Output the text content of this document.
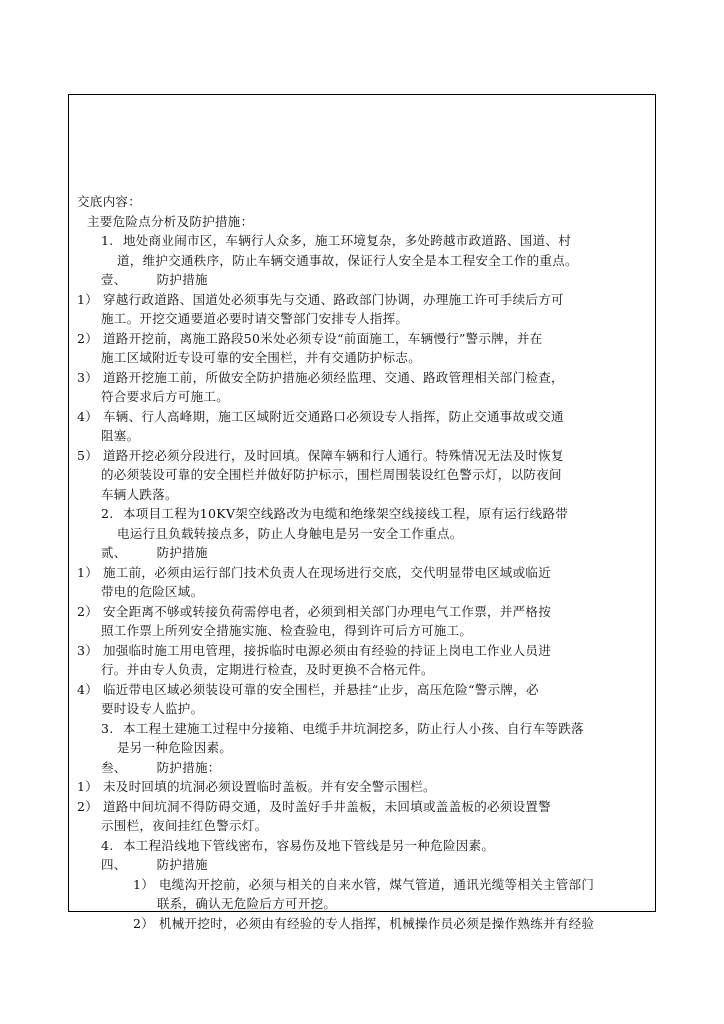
交底内容：
主要危险点分析及防护措施：
1. 地处商业闹市区，车辆行人众多，施工环境复杂，多处跨越市政道路、国道、村
道，维护交通秩序，防止车辆交通事故，保证行人安全是本工程安全工作的重点。
壹、 防护措施
1） 穿越行政道路、国道处必须事先与交通、路政部门协调，办理施工许可手续后方可
施工。开挖交通要道必要时请交警部门安排专人指挥。
2） 道路开挖前，离施工路段50米处必须专设“前面施工，车辆慢行”警示牌，并在
施工区域附近专设可靠的安全围栏，并有交通防护标志。
3） 道路开挖施工前，所做安全防护措施必须经监理、交通、路政管理相关部门检查，
符合要求后方可施工。
4） 车辆、行人高峰期，施工区域附近交通路口必须设专人指挥，防止交通事故或交通
阻塞。
5） 道路开挖必须分段进行，及时回填。保障车辆和行人通行。特殊情况无法及时恢复
的必须装设可靠的安全围栏并做好防护标示，围栏周围装设红色警示灯，以防夜间
车辆人跌落。
2. 本项目工程为10KV架空线路改为电缆和绝缘架空线接线工程，原有运行线路带
电运行且负载转接点多，防止人身触电是另一安全工作重点。
贰、 防护措施
1） 施工前，必须由运行部门技术负责人在现场进行交底，交代明显带电区域或临近
带电的危险区域。
2） 安全距离不够或转接负荷需停电者，必须到相关部门办理电气工作票，并严格按
照工作票上所列安全措施实施、检查验电，得到许可后方可施工。
3） 加强临时施工用电管理，接拆临时电源必须由有经验的持证上岗电工作业人员进
行。并由专人负责，定期进行检查，及时更换不合格元件。
4） 临近带电区域必须装设可靠的安全围栏，并悬挂“止步，高压危险“警示牌，必
要时设专人监护。
3. 本工程土建施工过程中分接箱、电缆手井坑洞挖多，防止行人小孩、自行车等跌落
是另一种危险因素。
叁、 防护措施：
1） 未及时回填的坑洞必须设置临时盖板。并有安全警示围栏。
2） 道路中间坑洞不得防碍交通，及时盖好手井盖板，未回填或盖盖板的必须设置警
示围栏，夜间挂红色警示灯。
4. 本工程沿线地下管线密布，容易伤及地下管线是另一种危险因素。
四、 防护措施
1） 电缆沟开挖前，必须与相关的自来水管，煤气管道，通讯光缆等相关主管部门
联系，确认无危险后方可开挖。
2） 机械开挖时，必须由有经验的专人指挥，机械操作员必须是操作熟练并有经验
